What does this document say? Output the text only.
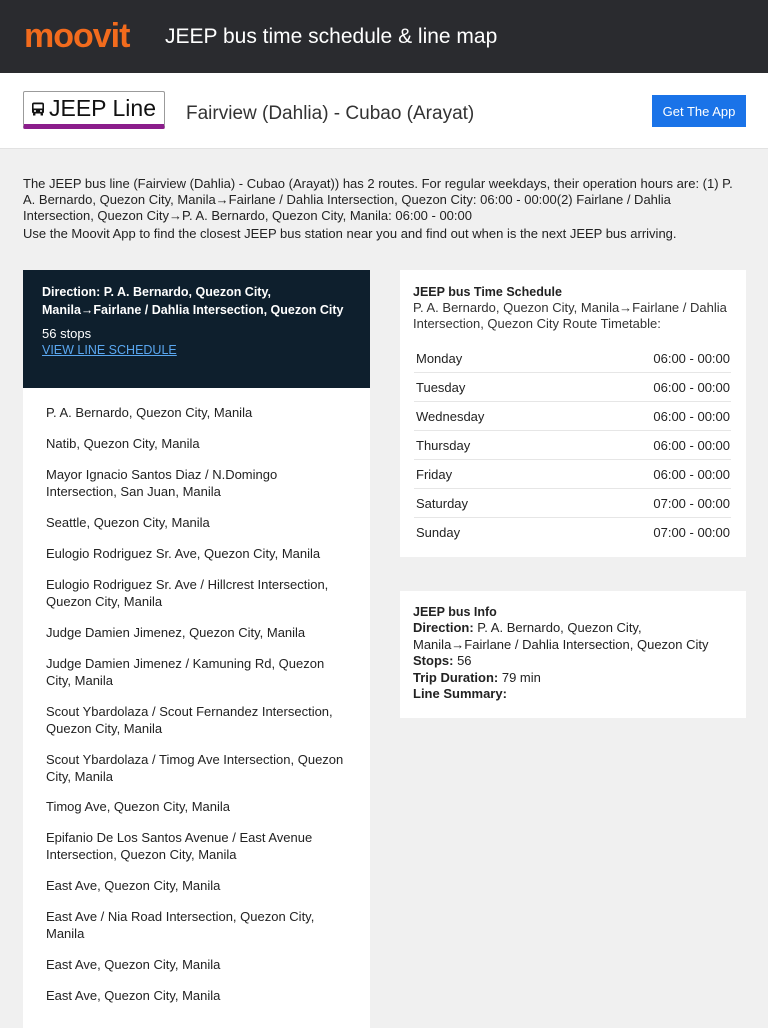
moovit JEEP bus time schedule & line map
JEEP Line Fairview (Dahlia) - Cubao (Arayat)	Get The App

The JEEP bus line (Fairview (Dahlia) - Cubao (Arayat)) has 2 routes. For regular weekdays, their operation hours are: (1) P. A. Bernardo, Quezon City, Manila→Fairlane / Dahlia Intersection, Quezon City: 06:00 - 00:00(2) Fairlane / Dahlia Intersection, Quezon City→P. A. Bernardo, Quezon City, Manila: 06:00 - 00:00

Use the Moovit App to find the closest JEEP bus station near you and find out when is the next JEEP bus arriving.

Direction: P. A. Bernardo, Quezon City, Manila→Fairlane / Dahlia Intersection, Quezon City
56 stops
VIEW LINE SCHEDULE
P. A. Bernardo, Quezon City, Manila
Natib, Quezon City, Manila
Mayor Ignacio Santos Diaz / N.Domingo Intersection, San Juan, Manila
Seattle, Quezon City, Manila
Eulogio Rodriguez Sr. Ave, Quezon City, Manila
Eulogio Rodriguez Sr. Ave / Hillcrest Intersection, Quezon City, Manila
Judge Damien Jimenez, Quezon City, Manila
Judge Damien Jimenez / Kamuning Rd, Quezon City, Manila
Scout Ybardolaza / Scout Fernandez Intersection, Quezon City, Manila
Scout Ybardolaza / Timog Ave Intersection, Quezon City, Manila
Timog Ave, Quezon City, Manila
Epifanio De Los Santos Avenue / East Avenue Intersection, Quezon City, Manila
East Ave, Quezon City, Manila
East Ave / Nia Road Intersection, Quezon City, Manila
East Ave, Quezon City, Manila
East Ave, Quezon City, Manila
JEEP bus Time Schedule
P. A. Bernardo, Quezon City, Manila→Fairlane / Dahlia Intersection, Quezon City Route Timetable:
Monday	06:00 - 00:00
Tuesday	06:00 - 00:00
Wednesday	06:00 - 00:00
Thursday	06:00 - 00:00
Friday	06:00 - 00:00
Saturday	07:00 - 00:00
Sunday	07:00 - 00:00
JEEP bus Info
Direction: P. A. Bernardo, Quezon City, Manila→Fairlane / Dahlia Intersection, Quezon City
Stops: 56
Trip Duration: 79 min
Line Summary:
